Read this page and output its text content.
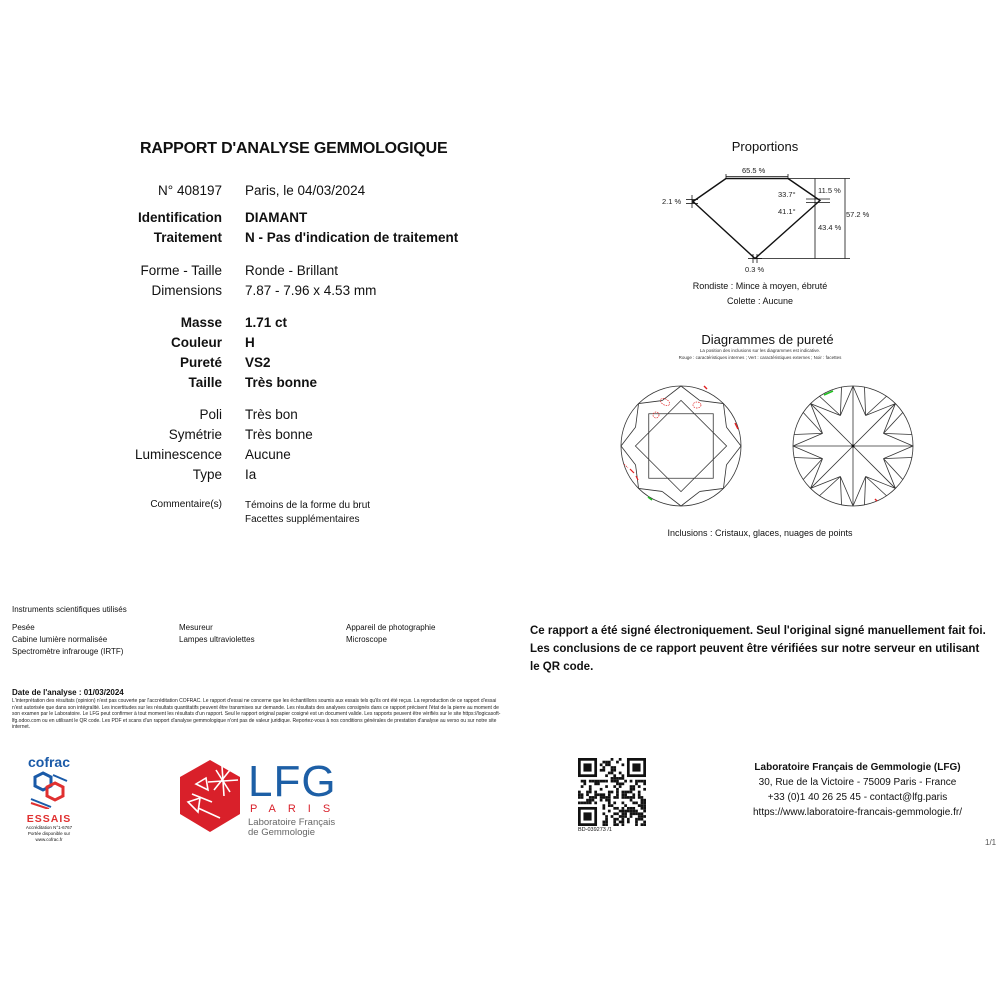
RAPPORT D'ANALYSE GEMMOLOGIQUE
N° 408197 Paris, le 04/03/2024
Identification DIAMANT
Traitement N - Pas d'indication de traitement
Forme - Taille Ronde - Brillant
Dimensions 7.87 - 7.96 x 4.53 mm
Masse 1.71 ct
Couleur H
Pureté VS2
Taille Très bonne
Poli Très bon
Symétrie Très bonne
Luminescence Aucune
Type Ia
Commentaire(s) Témoins de la forme du brut
Facettes supplémentaires
Proportions
65.5 %
2.1 %
33.7°
41.1°
11.5 %
43.4 %
57.2 %
0.3 %
Rondiste : Mince à moyen, ébruté
Colette : Aucune
Diagrammes de pureté
La position des inclusions sur les diagrammes est indicative.
Rouge : caractéristiques internes ; Vert : caractéristiques externes ; Noir : facettes
Inclusions : Cristaux, glaces, nuages de points
Instruments scientifiques utilisés
Pesée
Cabine lumière normalisée
Spectromètre infrarouge (IRTF)
Mesureur
Lampes ultraviolettes
Appareil de photographie
Microscope
Ce rapport a été signé électroniquement. Seul l'original signé manuellement fait foi. Les conclusions de ce rapport peuvent être vérifiées sur notre serveur en utilisant le QR code.
Date de l'analyse : 01/03/2024
L'interprétation des résultats (opinion) n'est pas couverte par l'accréditation COFRAC. Le rapport d'essai ne concerne que les échantillons soumis aux essais tels qu'ils ont été reçus. La reproduction de ce rapport d'essai n'est autorisée que dans son intégralité. Les incertitudes sur les résultats quantitatifs peuvent être transmises sur demande. Les résultats des analyses consignés dans ce rapport précisent l'état de la pierre au moment de son examen par le Laboratoire. Le LFG peut confirmer à tout moment les résultats d'un rapport. Seul le rapport original papier cosigné est un document valide. Les rapports peuvent être vérifiés sur le site https://logicasoft-lfg.odoo.com ou en utilisant le QR code. Les PDF et scans d'un rapport d'analyse gemmologique n'ont pas de valeur juridique. Reportez-vous à nos conditions générales de prestation d'analyse au verso ou sur notre site internet.
cofrac
ESSAIS
Accréditation N°1-6767
Portée disponible sur
www.cofrac.fr
LFG
PARIS
Laboratoire Français
de Gemmologie	BD-039273 /1
Laboratoire Français de Gemmologie (LFG)
30, Rue de la Victoire - 75009 Paris - France
+33 (0)1 40 26 25 45 - contact@lfg.paris
https://www.laboratoire-francais-gemmologie.fr/
1/1
